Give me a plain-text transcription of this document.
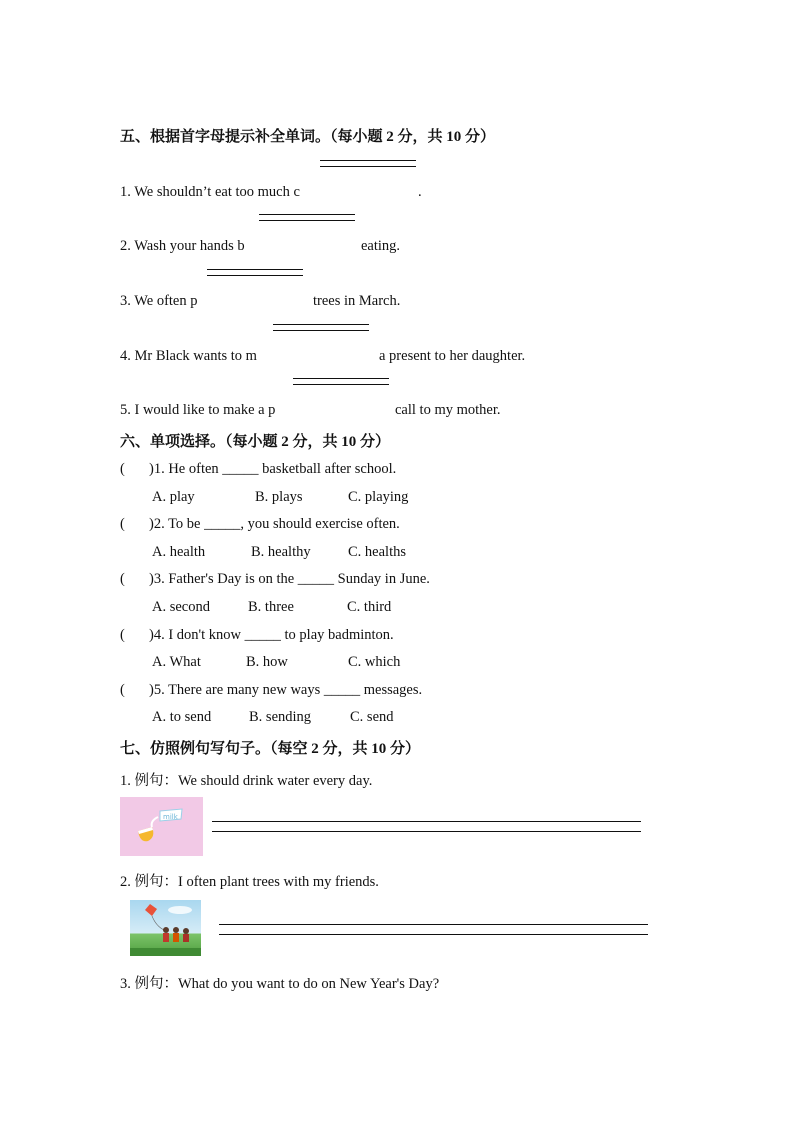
五、根据首字母提示补全单词。（每小题 2 分，共 10 分）
1. We shouldn’t eat too much c	.
2. Wash your hands b	eating.
3. We often p	trees in March.
4. Mr Black wants to m	a present to her daughter.
5. I would like to make a p	call to my mother.
六、单项选择。（每小题 2 分，共 10 分）
( )1. He often _____ basketball after school.
A. play	B. plays	C. playing
( )2. To be _____, you should exercise often.
A. health	B. healthy	C. healths
( )3. Father's Day is on the _____ Sunday in June.
A. second	B. three	C. third
( )4. I don't know _____ to play badminton.
A. What	B. how	C. which
( )5. There are many new ways _____ messages.
A. to send	B. sending	C. send
七、仿照例句写句子。（每空 2 分，共 10 分）
1. 例句：We should drink water every day.
milk
2. 例句：I often plant trees with my friends.
3. 例句：What do you want to do on New Year's Day?
